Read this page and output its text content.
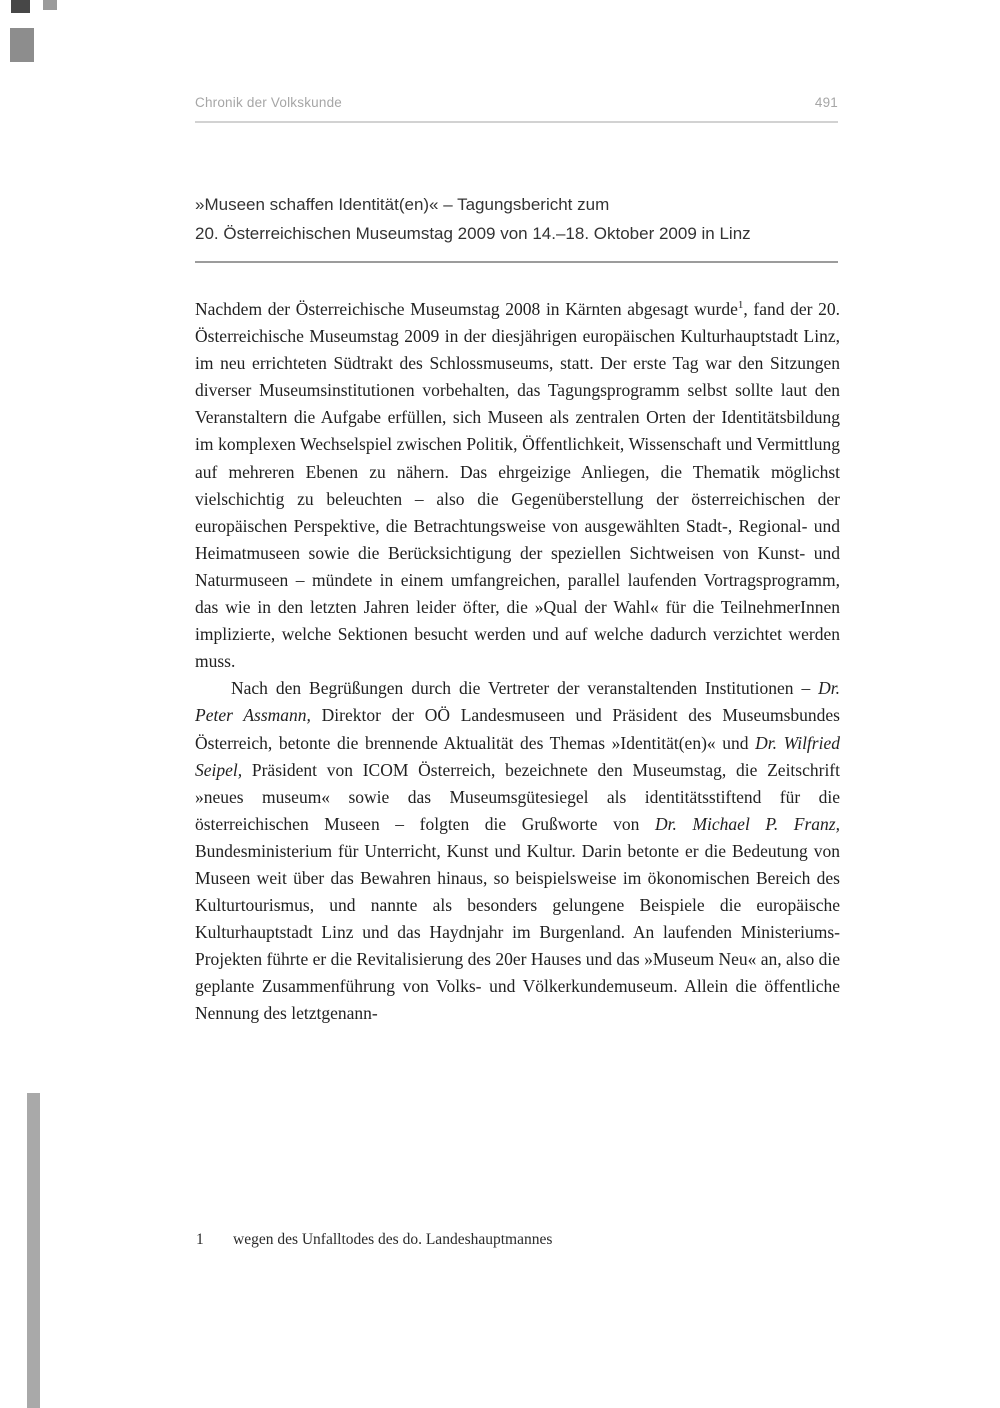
Chronik der Volkskunde	491
»Museen schaffen Identität(en)« – Tagungsbericht zum
20. Österreichischen Museumstag 2009 von 14.–18. Oktober 2009 in Linz

Nachdem der Österreichische Museumstag 2008 in Kärnten abgesagt wurde$^1$, fand der 20. Österreichische Museumstag 2009 in der diesjährigen europäischen Kulturhauptstadt Linz, im neu errichteten Südtrakt des Schlossmuseums, statt. Der erste Tag war den Sitzungen diverser Museumsinstitutionen vorbehalten, das Tagungsprogramm selbst sollte laut den Veranstaltern die Aufgabe erfüllen, sich Museen als zentralen Orten der Identitätsbildung im komplexen Wechselspiel zwischen Politik, Öffentlichkeit, Wissenschaft und Vermittlung auf mehreren Ebenen zu nähern. Das ehrgeizige Anliegen, die Thematik möglichst vielschichtig zu beleuchten – also die Gegenüberstellung der österreichischen der europäischen Perspektive, die Betrachtungsweise von ausgewählten Stadt-, Regional- und Heimatmuseen sowie die Berücksichtigung der speziellen Sichtweisen von Kunst- und Naturmuseen – mündete in einem umfangreichen, parallel laufenden Vortragsprogramm, das wie in den letzten Jahren leider öfter, die »Qual der Wahl« für die TeilnehmerInnen implizierte, welche Sektionen besucht werden und auf welche dadurch verzichtet werden muss.

Nach den Begrüßungen durch die Vertreter der veranstaltenden Institutionen – Dr. Peter Assmann, Direktor der OÖ Landesmuseen und Präsident des Museumsbundes Österreich, betonte die brennende Aktualität des Themas »Identität(en)« und Dr. Wilfried Seipel, Präsident von ICOM Österreich, bezeichnete den Museumstag, die Zeitschrift »neues museum« sowie das Museumsgütesiegel als identitätsstiftend für die österreichischen Museen – folgten die Grußworte von Dr. Michael P. Franz, Bundesministerium für Unterricht, Kunst und Kultur. Darin betonte er die Bedeutung von Museen weit über das Bewahren hinaus, so beispielsweise im ökonomischen Bereich des Kulturtourismus, und nannte als besonders gelungene Beispiele die europäische Kulturhauptstadt Linz und das Haydnjahr im Burgenland. An laufenden Ministeriums-Projekten führte er die Revitalisierung des 20er Hauses und das »Museum Neu« an, also die geplante Zusammenführung von Volks- und Völkerkundemuseum. Allein die öffentliche Nennung des letztgenann-

1	wegen des Unfalltodes des do. Landeshauptmannes
